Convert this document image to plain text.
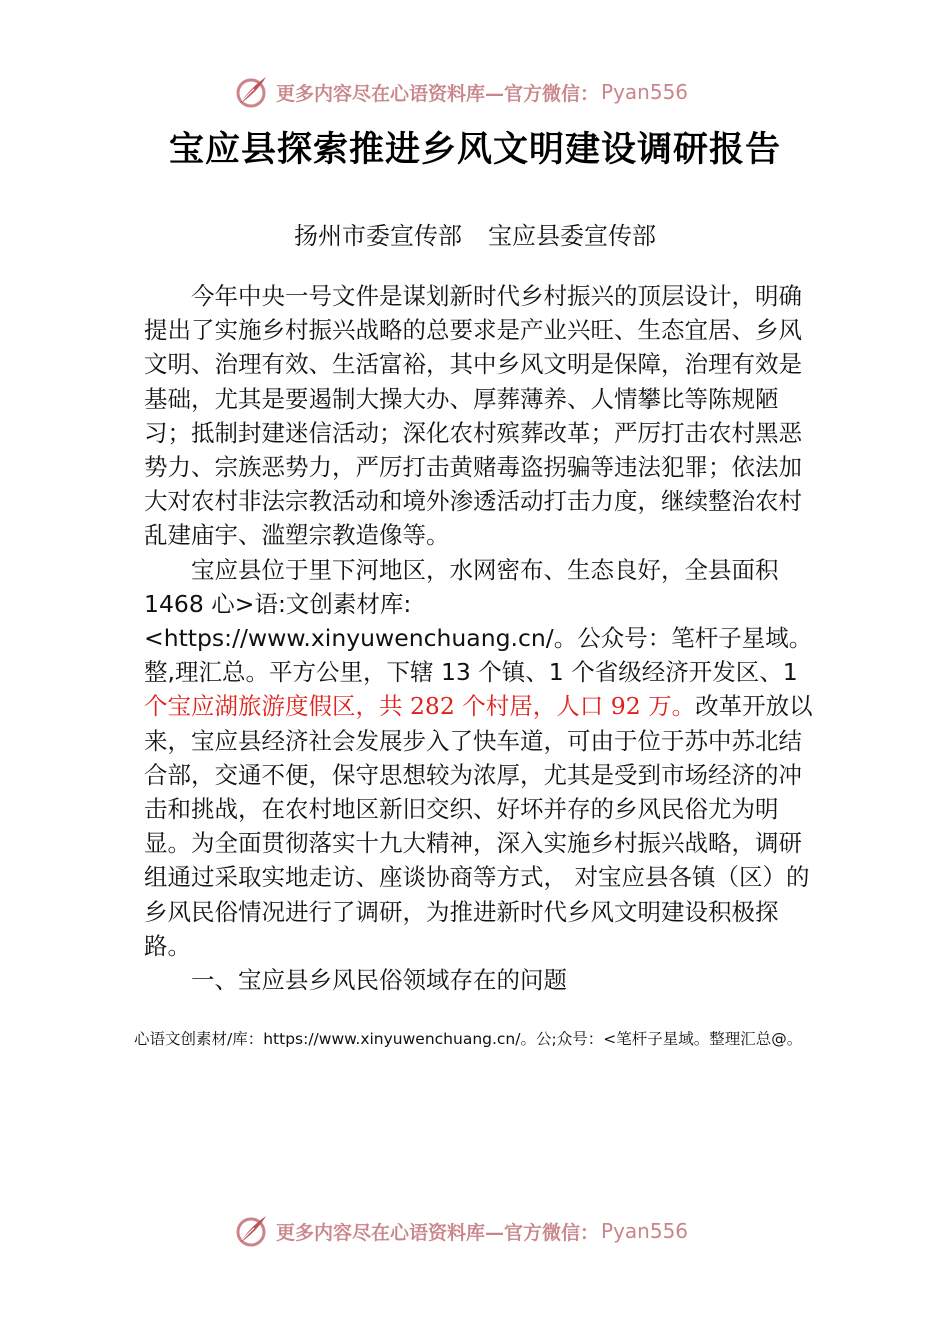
更多内容尽在心语资料库—官方微信： Pyan556
宝应县探索推进乡风文明建设调研报告
扬州市委宣传部 宝应县委宣传部

今年中央一号文件是谋划新时代乡村振兴的顶层设计，明确提出了实施乡村振兴战略的总要求是产业兴旺、生态宜居、乡风文明、治理有效、生活富裕，其中乡风文明是保障，治理有效是基础，尤其是要遏制大操大办、厚葬薄养、人情攀比等陈规陋习；抵制封建迷信活动；深化农村殡葬改革；严厉打击农村黑恶势力、宗族恶势力，严厉打击黄赌毒盗拐骗等违法犯罪；依法加大对农村非法宗教活动和境外渗透活动打击力度，继续整治农村乱建庙宇、滥塑宗教造像等。

宝应县位于里下河地区，水网密布、生态良好，全县面积 1468 心>语:文创素材库:

<https://www.xinyuwenchuang.cn/。公众号：笔杆子星域。整,理汇总。平方公里，下辖 13 个镇、1 个省级经济开发区、1

个宝应湖旅游度假区，共 282 个村居，人口 92 万。改革开放以来，宝应县经济社会发展步入了快车道，可由于位于苏中苏北结合部，交通不便，保守思想较为浓厚，尤其是受到市场经济的冲击和挑战，在农村地区新旧交织、好坏并存的乡风民俗尤为明显。为全面贯彻落实十九大精神，深入实施乡村振兴战略，调研组通过采取实地走访、座谈协商等方式， 对宝应县各镇（区）的乡风民俗情况进行了调研，为推进新时代乡风文明建设积极探路。

一、宝应县乡风民俗领域存在的问题

心语文创素材/库：https://www.xinyuwenchuang.cn/。公;众号：<笔杆子星域。整理汇总@。
更多内容尽在心语资料库—官方微信： Pyan556
